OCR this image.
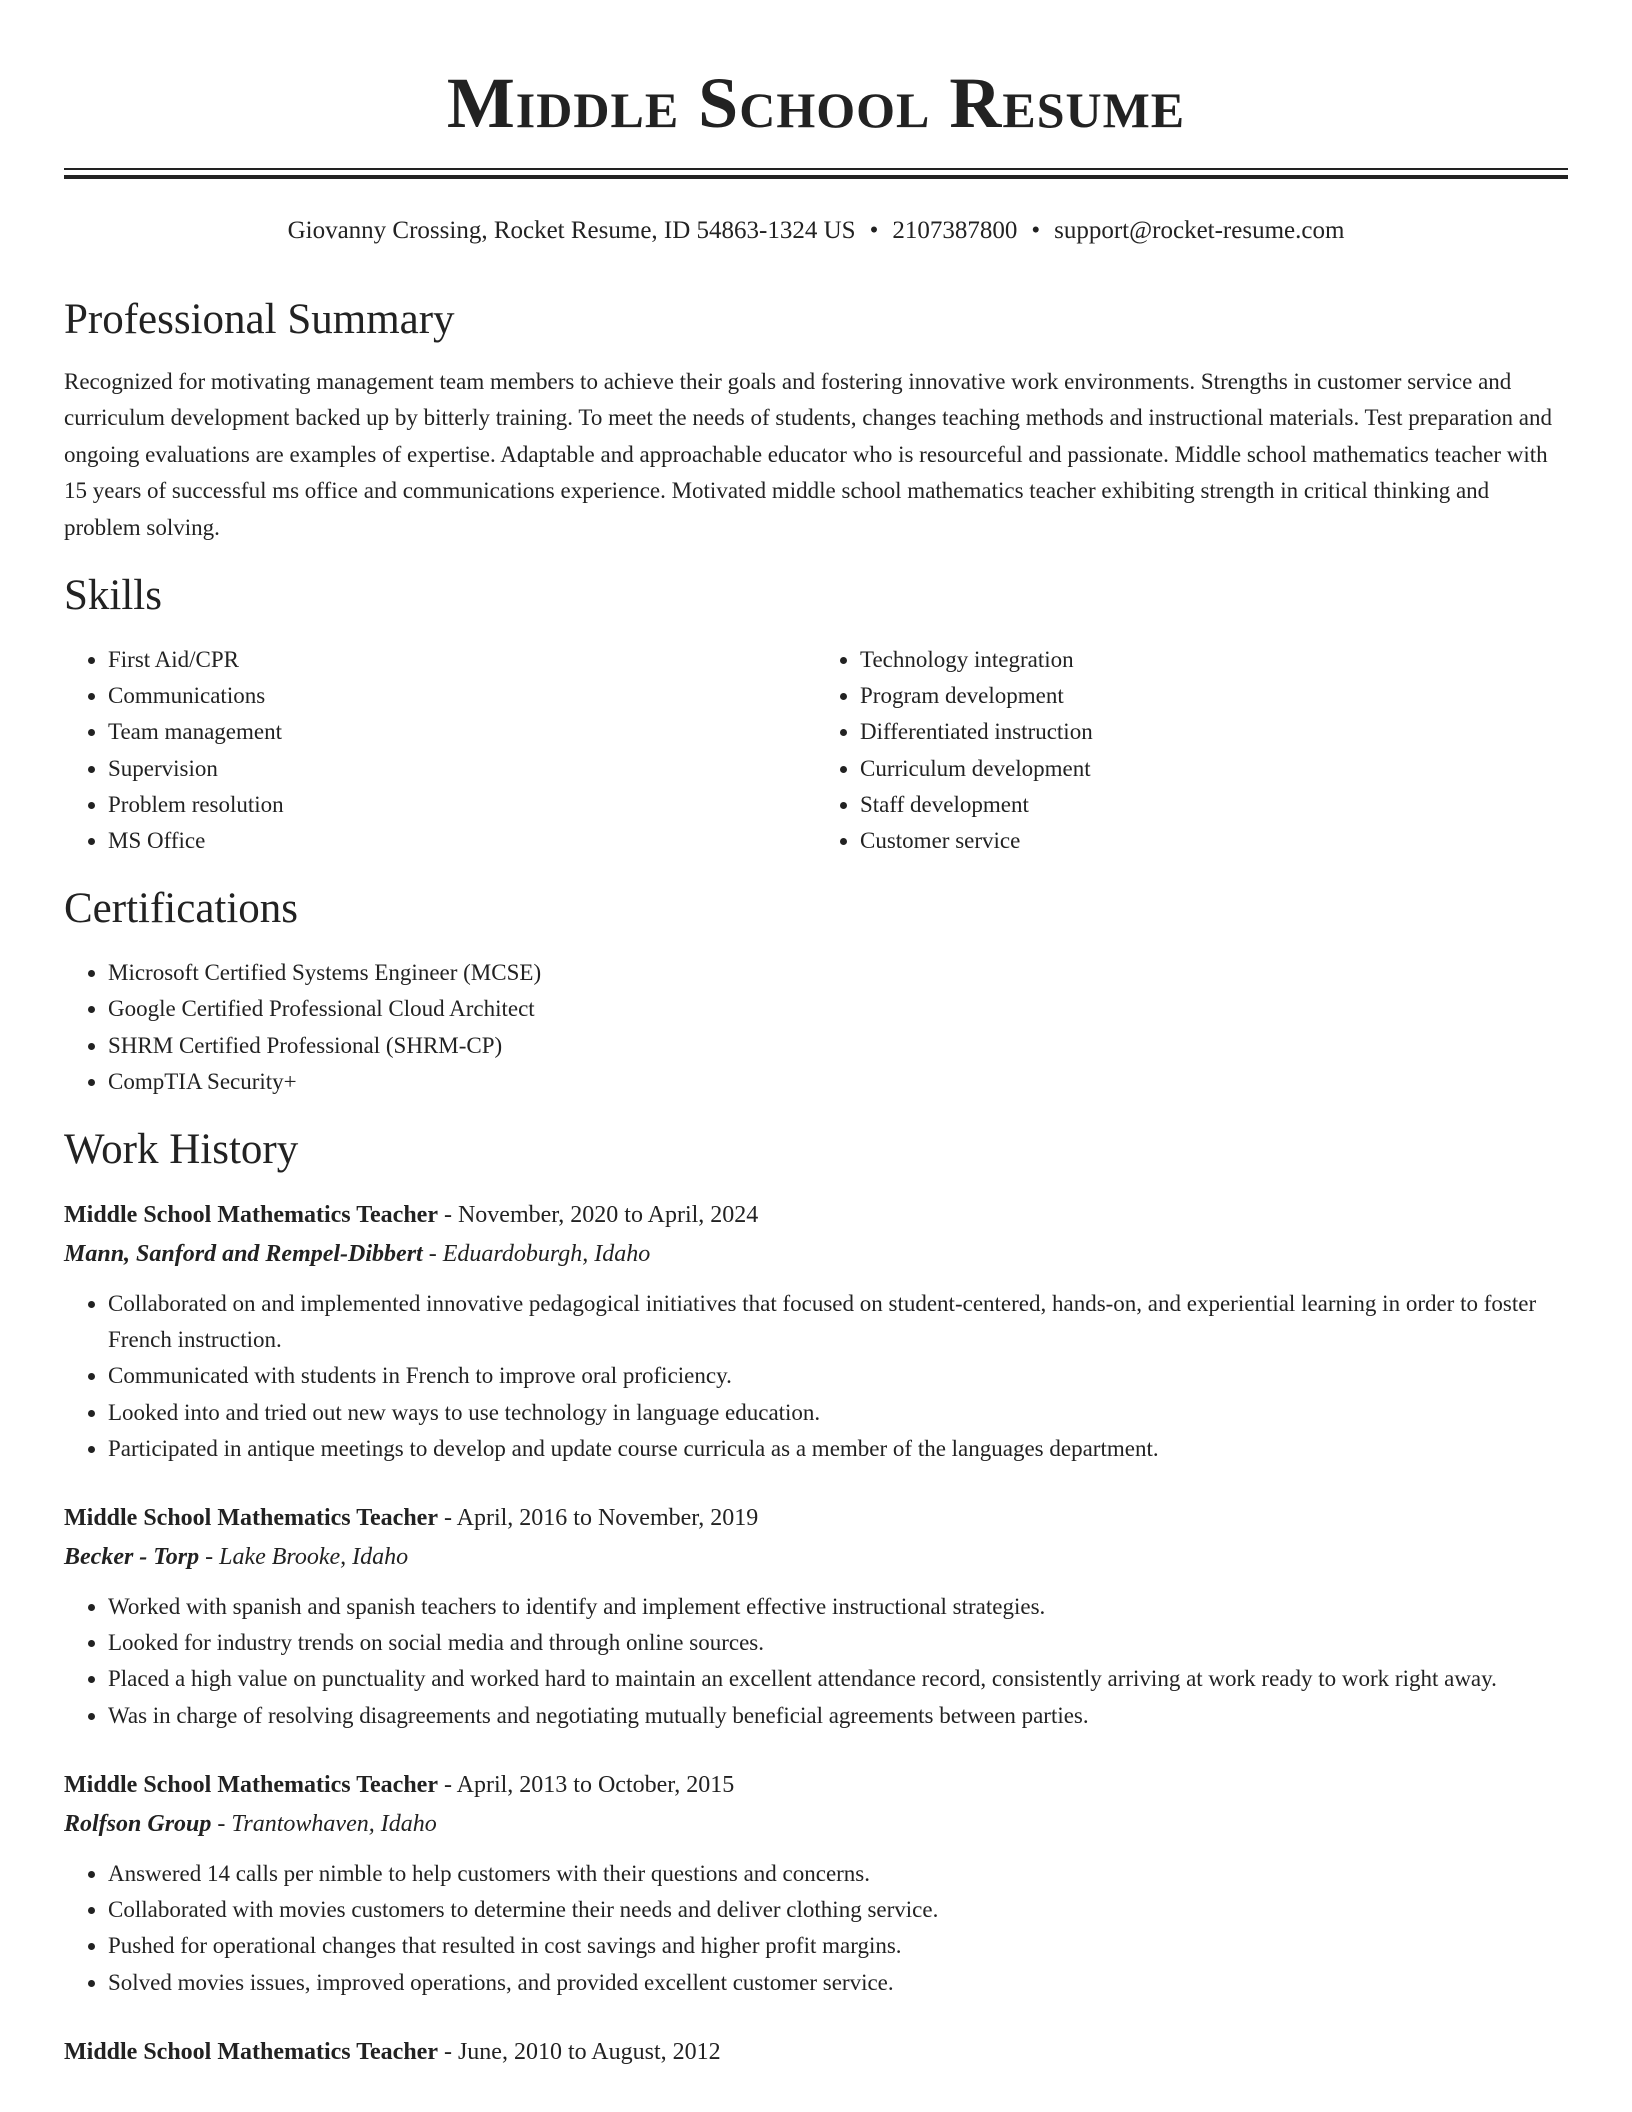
Middle School Resume

Giovanny Crossing, Rocket Resume, ID 54863-1324 US • 2107387800 • support@rocket-resume.com

Professional Summary

Recognized for motivating management team members to achieve their goals and fostering innovative work environments. Strengths in customer service and curriculum development backed up by bitterly training. To meet the needs of students, changes teaching methods and instructional materials. Test preparation and ongoing evaluations are examples of expertise. Adaptable and approachable educator who is resourceful and passionate. Middle school mathematics teacher with 15 years of successful ms office and communications experience. Motivated middle school mathematics teacher exhibiting strength in critical thinking and problem solving.

Skills
• First Aid/CPR
• Communications
• Team management
• Supervision
• Problem resolution
• MS Office
• Technology integration
• Program development
• Differentiated instruction
• Curriculum development
• Staff development
• Customer service
Certifications
• Microsoft Certified Systems Engineer (MCSE)
• Google Certified Professional Cloud Architect
• SHRM Certified Professional (SHRM-CP)
• CompTIA Security+
Work History
Middle School Mathematics Teacher - November, 2020 to April, 2024
Mann, Sanford and Rempel-Dibbert - Eduardoburgh, Idaho
• Collaborated on and implemented innovative pedagogical initiatives that focused on student-centered, hands-on, and experiential learning in order to foster French instruction.
• Communicated with students in French to improve oral proficiency.
• Looked into and tried out new ways to use technology in language education.
• Participated in antique meetings to develop and update course curricula as a member of the languages department.
Middle School Mathematics Teacher - April, 2016 to November, 2019
Becker - Torp - Lake Brooke, Idaho
• Worked with spanish and spanish teachers to identify and implement effective instructional strategies.
• Looked for industry trends on social media and through online sources.
• Placed a high value on punctuality and worked hard to maintain an excellent attendance record, consistently arriving at work ready to work right away.
• Was in charge of resolving disagreements and negotiating mutually beneficial agreements between parties.
Middle School Mathematics Teacher - April, 2013 to October, 2015
Rolfson Group - Trantowhaven, Idaho
• Answered 14 calls per nimble to help customers with their questions and concerns.
• Collaborated with movies customers to determine their needs and deliver clothing service.
• Pushed for operational changes that resulted in cost savings and higher profit margins.
• Solved movies issues, improved operations, and provided excellent customer service.
Middle School Mathematics Teacher - June, 2010 to August, 2012
